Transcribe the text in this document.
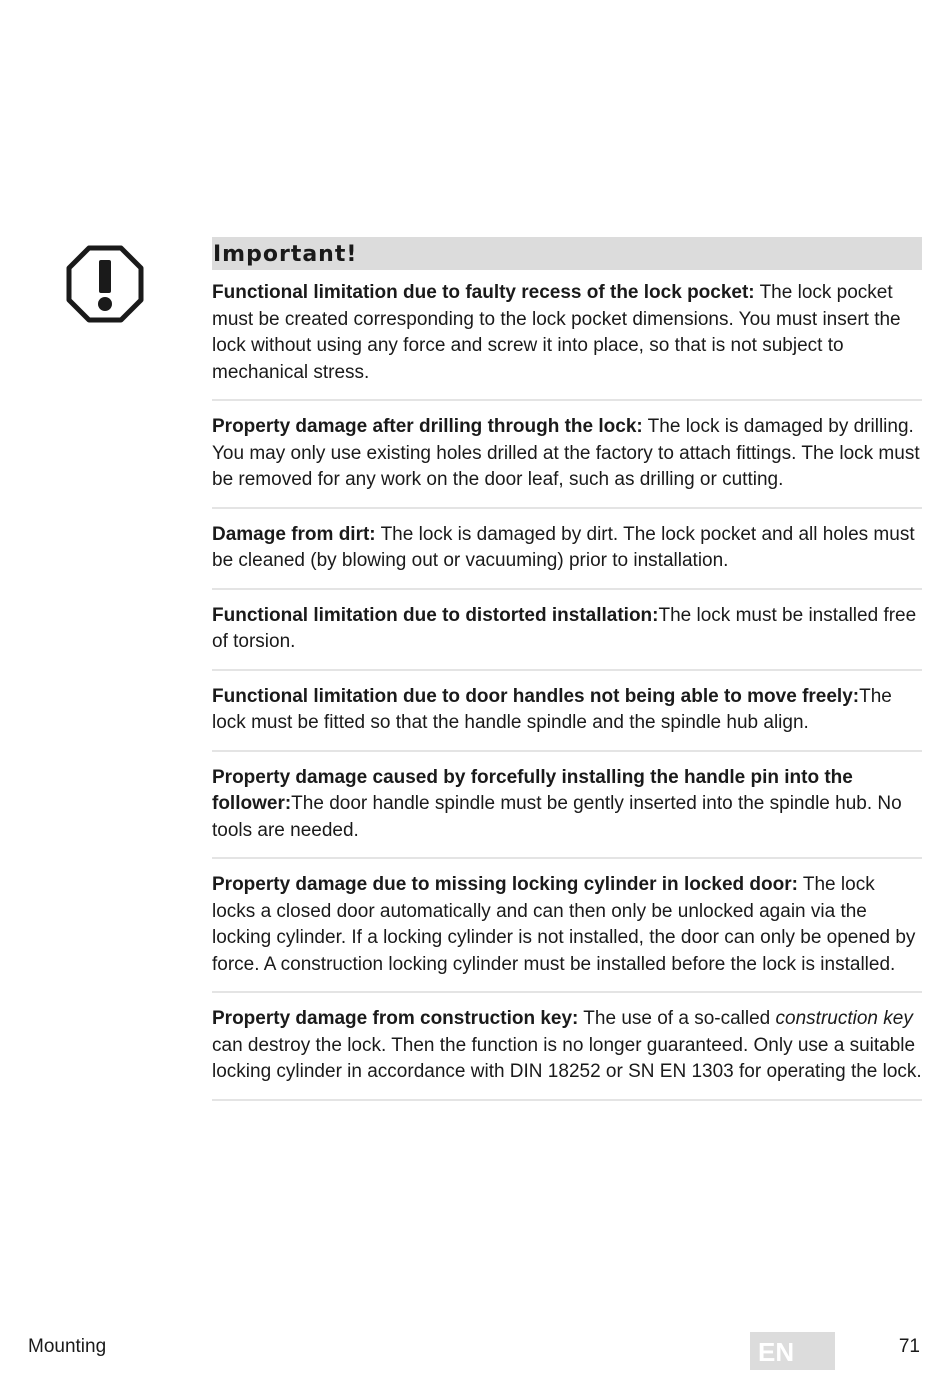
Important!
Functional limitation due to faulty recess of the lock pocket: The lock pocket must be created corresponding to the lock pocket dimensions. You must insert the lock without using any force and screw it into place, so that is not subject to mechanical stress.
Property damage after drilling through the lock: The lock is damaged by drilling. You may only use existing holes drilled at the factory to attach fittings. The lock must be removed for any work on the door leaf, such as drilling or cutting.
Damage from dirt: The lock is damaged by dirt. The lock pocket and all holes must be cleaned (by blowing out or vacuuming) prior to installation.
Functional limitation due to distorted installation:The lock must be installed free of torsion.
Functional limitation due to door handles not being able to move freely:The lock must be fitted so that the handle spindle and the spindle hub align.
Property damage caused by forcefully installing the handle pin into the follower:The door handle spindle must be gently inserted into the spindle hub. No tools are needed.
Property damage due to missing locking cylinder in locked door: The lock locks a closed door automatically and can then only be unlocked again via the locking cylinder. If a locking cylinder is not installed, the door can only be opened by force. A construction locking cylinder must be installed before the lock is installed.
Property damage from construction key: The use of a so-called construction key can destroy the lock. Then the function is no longer guaranteed. Only use a suitable locking cylinder in accordance with DIN 18252 or SN EN 1303 for operating the lock.
Mounting	EN	71
